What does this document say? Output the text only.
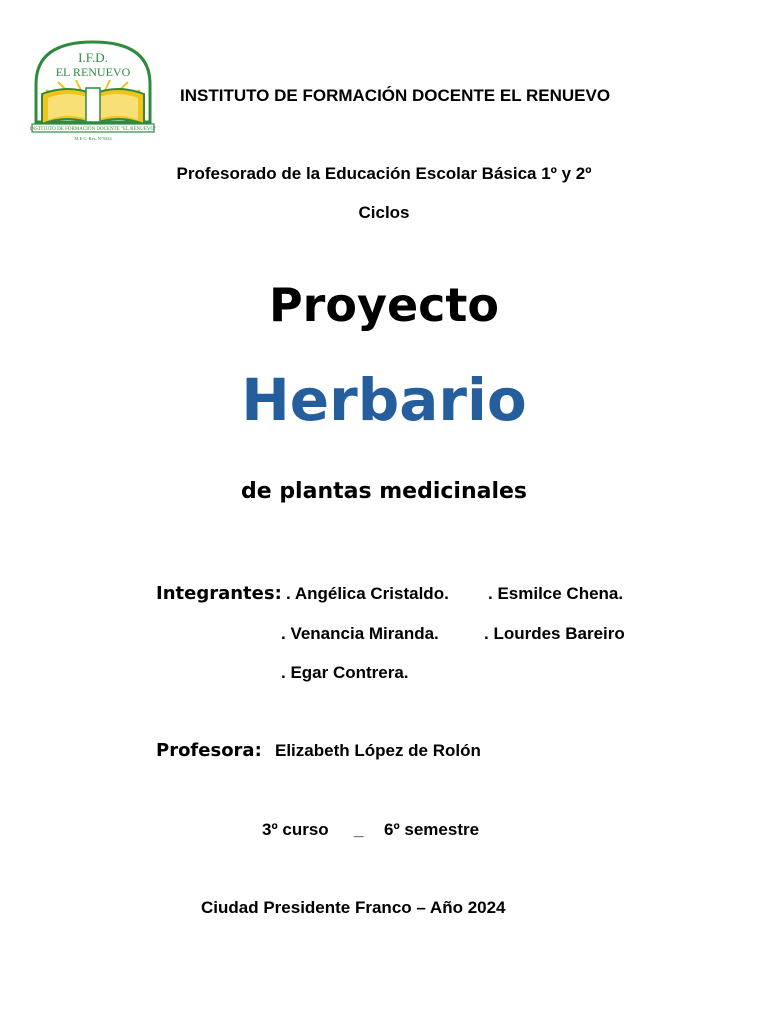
I.F.D.
EL RENUEVO
INSTITUTO DE FORMACIÓN DOCENTE "EL RENUEVO"
M.E.C. Res. N°9434
INSTITUTO DE FORMACIÓN DOCENTE EL RENUEVO
Profesorado de la Educación Escolar Básica 1º y 2º
Ciclos
Proyecto
Herbario
de plantas medicinales
Integrantes: . Angélica Cristaldo. . Esmilce Chena.
. Venancia Miranda.	. Lourdes Bareiro
. Egar Contrera.
Profesora: Elizabeth López de Rolón
3º curso _ 6º semestre
Ciudad Presidente Franco – Año 2024
